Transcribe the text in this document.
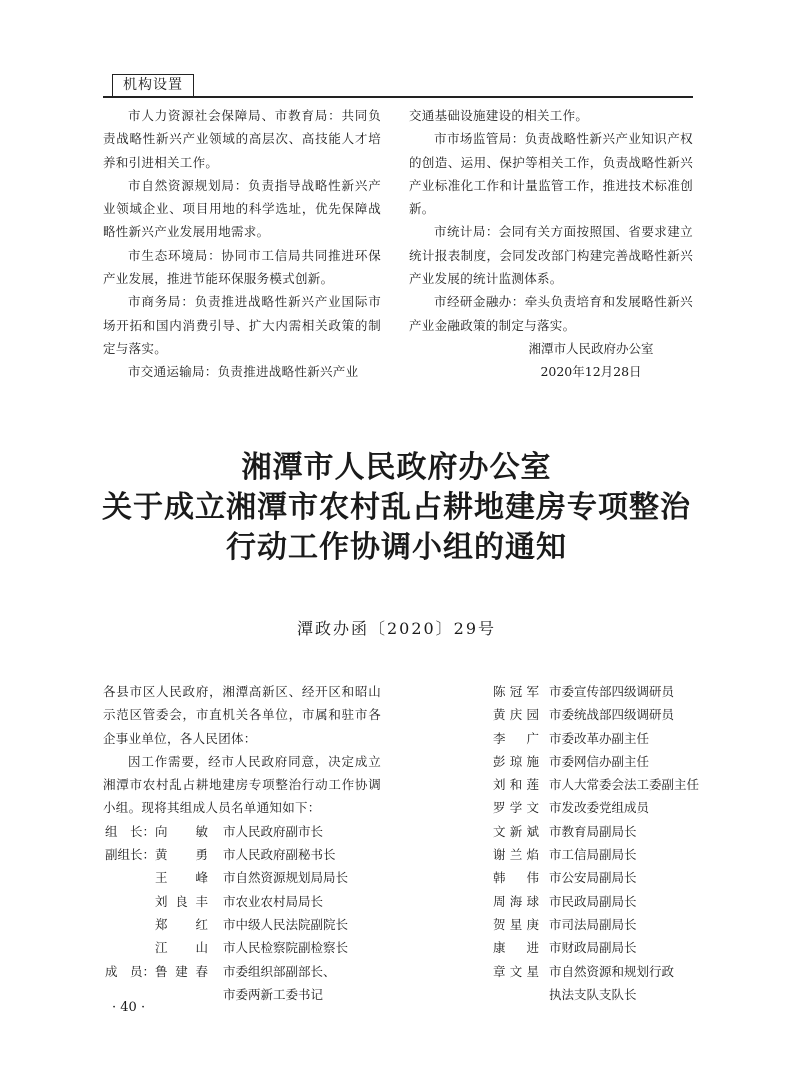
机构设置

市人力资源社会保障局、市教育局：共同负责战略性新兴产业领域的高层次、高技能人才培养和引进相关工作。

市自然资源规划局：负责指导战略性新兴产业领域企业、项目用地的科学选址，优先保障战略性新兴产业发展用地需求。

市生态环境局：协同市工信局共同推进环保产业发展，推进节能环保服务模式创新。

市商务局：负责推进战略性新兴产业国际市场开拓和国内消费引导、扩大内需相关政策的制定与落实。

市交通运输局：负责推进战略性新兴产业

交通基础设施建设的相关工作。

市市场监管局：负责战略性新兴产业知识产权的创造、运用、保护等相关工作，负责战略性新兴产业标准化工作和计量监管工作，推进技术标准创新。

市统计局：会同有关方面按照国、省要求建立统计报表制度，会同发改部门构建完善战略性新兴产业发展的统计监测体系。

市经研金融办：牵头负责培育和发展略性新兴产业金融政策的制定与落实。

湘潭市人民政府办公室
2020年12月28日
湘潭市人民政府办公室
关于成立湘潭市农村乱占耕地建房专项整治
行动工作协调小组的通知
潭政办函〔2020〕29号

各县市区人民政府，湘潭高新区、经开区和昭山示范区管委会，市直机关各单位，市属和驻市各企事业单位，各人民团体：

因工作需要，经市人民政府同意，决定成立湘潭市农村乱占耕地建房专项整治行动工作协调小组。现将其组成人员名单通知如下：

组　长： 向　敏	市人民政府副市长
副组长： 黄　勇	市人民政府副秘书长
王　峰	市自然资源规划局局长
刘良丰	市农业农村局局长
郑　红	市中级人民法院副院长
江　山	市人民检察院副检察长
成　员： 鲁建春	市委组织部副部长、
市委两新工委书记
陈冠军 市委宣传部四级调研员
黄庆园 市委统战部四级调研员
李　广 市委改革办副主任
彭琼施 市委网信办副主任
刘和莲 市人大常委会法工委副主任
罗学文 市发改委党组成员
文新斌 市教育局副局长
谢兰焰 市工信局副局长
韩　伟 市公安局副局长
周海球 市民政局副局长
贺星庚 市司法局副局长
康　进 市财政局副局长
章文星 市自然资源和规划行政
执法支队支队长
· 40 ·
